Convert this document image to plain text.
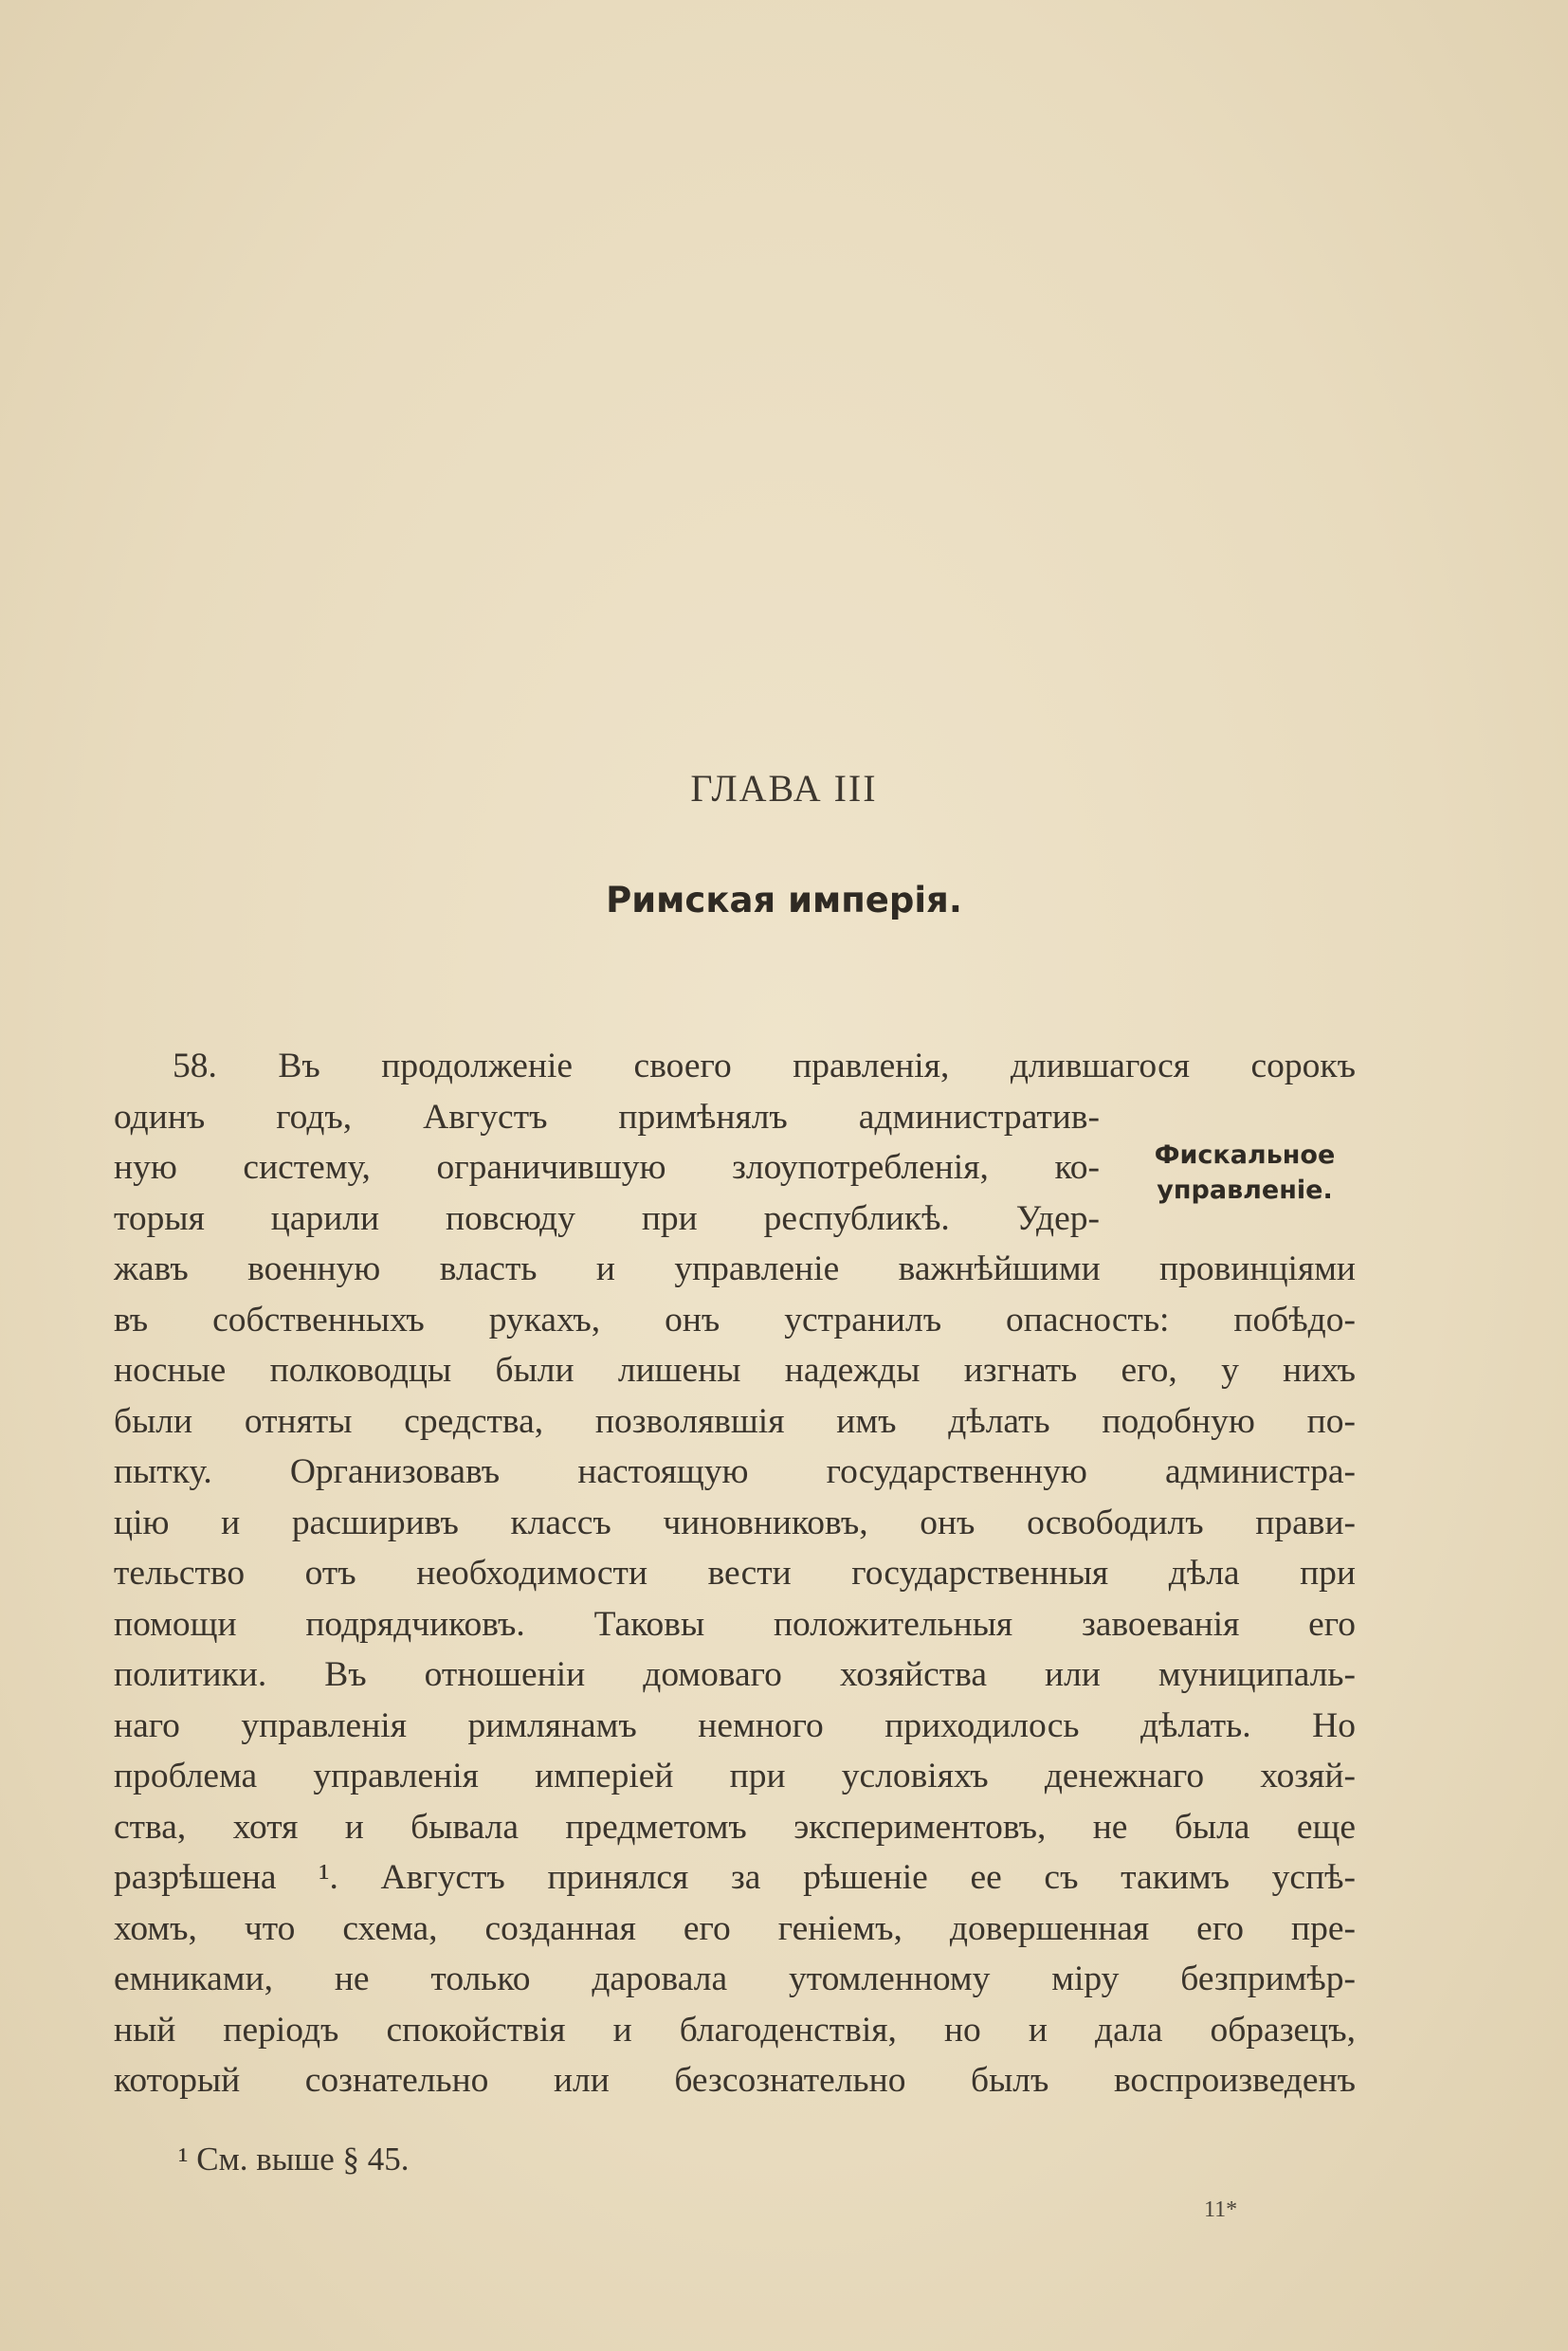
ГЛАВА III
Римская имперія.
Фискальное
управленіе.
58. Въ продолженіе своего правленія, длившагося сорокъ
одинъ годъ, Августъ примѣнялъ административ-
ную систему, ограничившую злоупотребленія, ко-
торыя царили повсюду при республикѣ. Удер-
жавъ военную власть и управленіе важнѣйшими провинціями
въ собственныхъ рукахъ, онъ устранилъ опасность: побѣдо-
носные полководцы были лишены надежды изгнать его, у нихъ
были отняты средства, позволявшія имъ дѣлать подобную по-
пытку. Организовавъ настоящую государственную администра-
цію и расширивъ классъ чиновниковъ, онъ освободилъ прави-
тельство отъ необходимости вести государственныя дѣла при
помощи подрядчиковъ. Таковы положительныя завоеванія его
политики. Въ отношеніи домоваго хозяйства или муниципаль-
наго управленія римлянамъ немного приходилось дѣлать. Но
проблема управленія имперіей при условіяхъ денежнаго хозяй-
ства, хотя и бывала предметомъ экспериментовъ, не была еще
разрѣшена ¹. Августъ принялся за рѣшеніе ее съ такимъ успѣ-
хомъ, что схема, созданная его геніемъ, довершенная его пре-
емниками, не только даровала утомленному міру безпримѣр-
ный періодъ спокойствія и благоденствія, но и дала образецъ,
который сознательно или безсознательно былъ воспроизведенъ
¹ См. выше § 45.
11*
